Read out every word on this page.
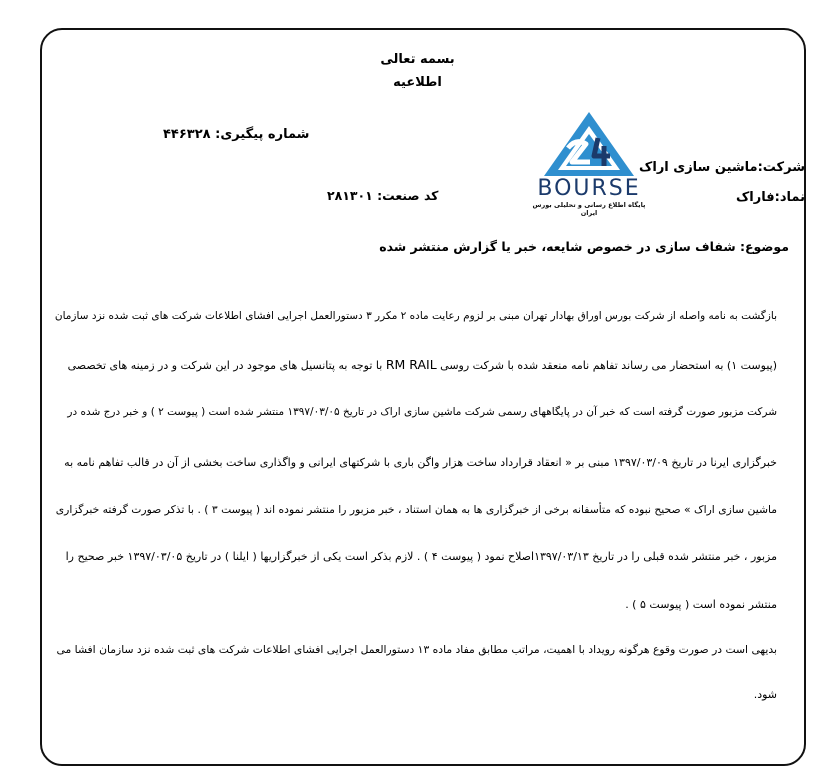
بسمه تعالی
اطلاعیه
شماره پیگیری: ۴۴۶۳۲۸
کد صنعت: ۲۸۱۳۰۱
شرکت:ماشین سازی اراک
نماد:فاراک
BOURSE
پایگاه اطلاع رسانی و تحلیلی بورس ایران
موضوع: شفاف سازی در خصوص شایعه، خبر یا گزارش منتشر شده
بازگشت به نامه واصله از شرکت بورس اوراق بهادار تهران مبنی بر لزوم رعایت ماده ۲ مکرر ۳ دستورالعمل اجرایی افشای اطلاعات شرکت های ثبت شده نزد سازمان
(پیوست ۱) به استحضار می رساند تفاهم نامه منعقد شده با شرکت روسی RM RAIL با توجه به پتانسیل های موجود در این شرکت و در زمینه های تخصصی
شرکت مزبور صورت گرفته است که خبر آن در پایگاههای رسمی شرکت ماشین سازی اراک در تاریخ ۱۳۹۷/۰۳/۰۵ منتشر شده است ( پیوست ۲ ) و خبر درج شده در
خبرگزاری ایرنا در تاریخ ۱۳۹۷/۰۳/۰۹ مبنی بر « انعقاد قرارداد ساخت هزار واگن باری با شرکتهای ایرانی و واگذاری ساخت بخشی از آن در قالب تفاهم نامه به
ماشین سازی اراک » صحیح نبوده که متأسفانه برخی از خبرگزاری ها به همان استناد ، خبر مزبور را منتشر نموده اند ( پیوست ۳ ) . با تذکر صورت گرفته خبرگزاری
مزبور ، خبر منتشر شده قبلی را در تاریخ ۱۳۹۷/۰۳/۱۳اصلاح نمود ( پیوست ۴ ) . لازم بذکر است یکی از خبرگزاریها ( ایلنا ) در تاریخ ۱۳۹۷/۰۳/۰۵ خبر صحیح را
منتشر نموده است ( پیوست ۵ ) .
بدیهی است در صورت وقوع هرگونه رویداد با اهمیت، مراتب مطابق مفاد ماده ۱۳ دستورالعمل اجرایی افشای اطلاعات شرکت های ثبت شده نزد سازمان افشا می
شود.
